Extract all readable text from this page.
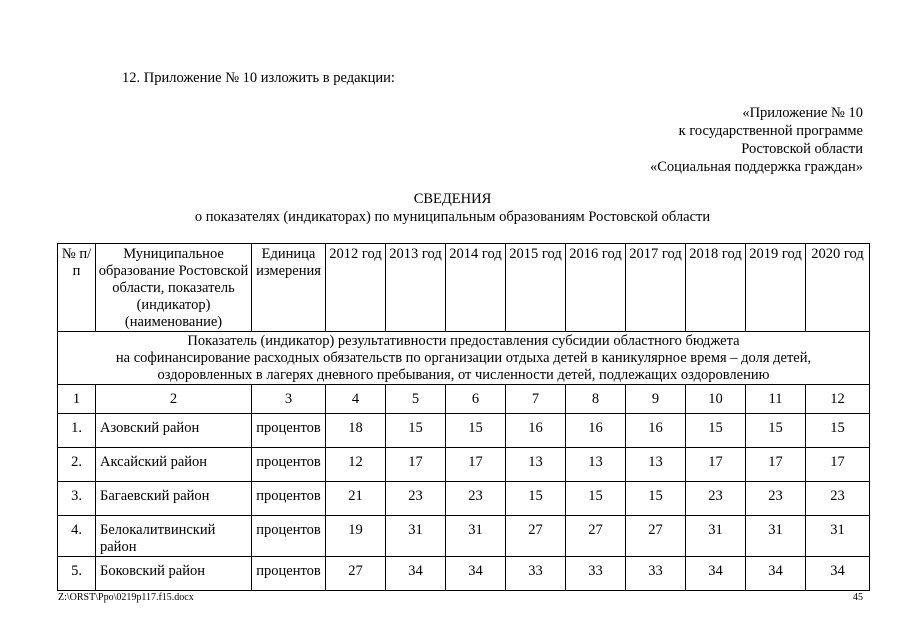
12. Приложение № 10 изложить в редакции:
«Приложение № 10
к государственной программе
Ростовской области
«Социальная поддержка граждан»
СВЕДЕНИЯ
о показателях (индикаторах) по муниципальным образованиям Ростовской области
№ п/п	Муниципальное образование Ростовской области, показатель (индикатор) (наименование)	Единица измерения	2012 год	2013 год	2014 год	2015 год	2016 год	2017 год	2018 год	2019 год	2020 год

Показатель (индикатор) результативности предоставления субсидии областного бюджета
на софинансирование расходных обязательств по организации отдыха детей в каникулярное время – доля детей,
оздоровленных в лагерях дневного пребывания, от численности детей, подлежащих оздоровлению											

1	2	3	4	5	6	7	8	9	10	11	12
1.	Азовский район	процентов	18	15	15	16	16	16	15	15	15
2.	Аксайский район	процентов	12	17	17	13	13	13	17	17	17
3.	Багаевский район	процентов	21	23	23	15	15	15	23	23	23
4.	Белокалитвинский район	процентов	19	31	31	27	27	27	31	31	31
5.	Боковский район	процентов	27	34	34	33	33	33	34	34	34
Z:\ORST\Ppo\0219p117.f15.docx	45
